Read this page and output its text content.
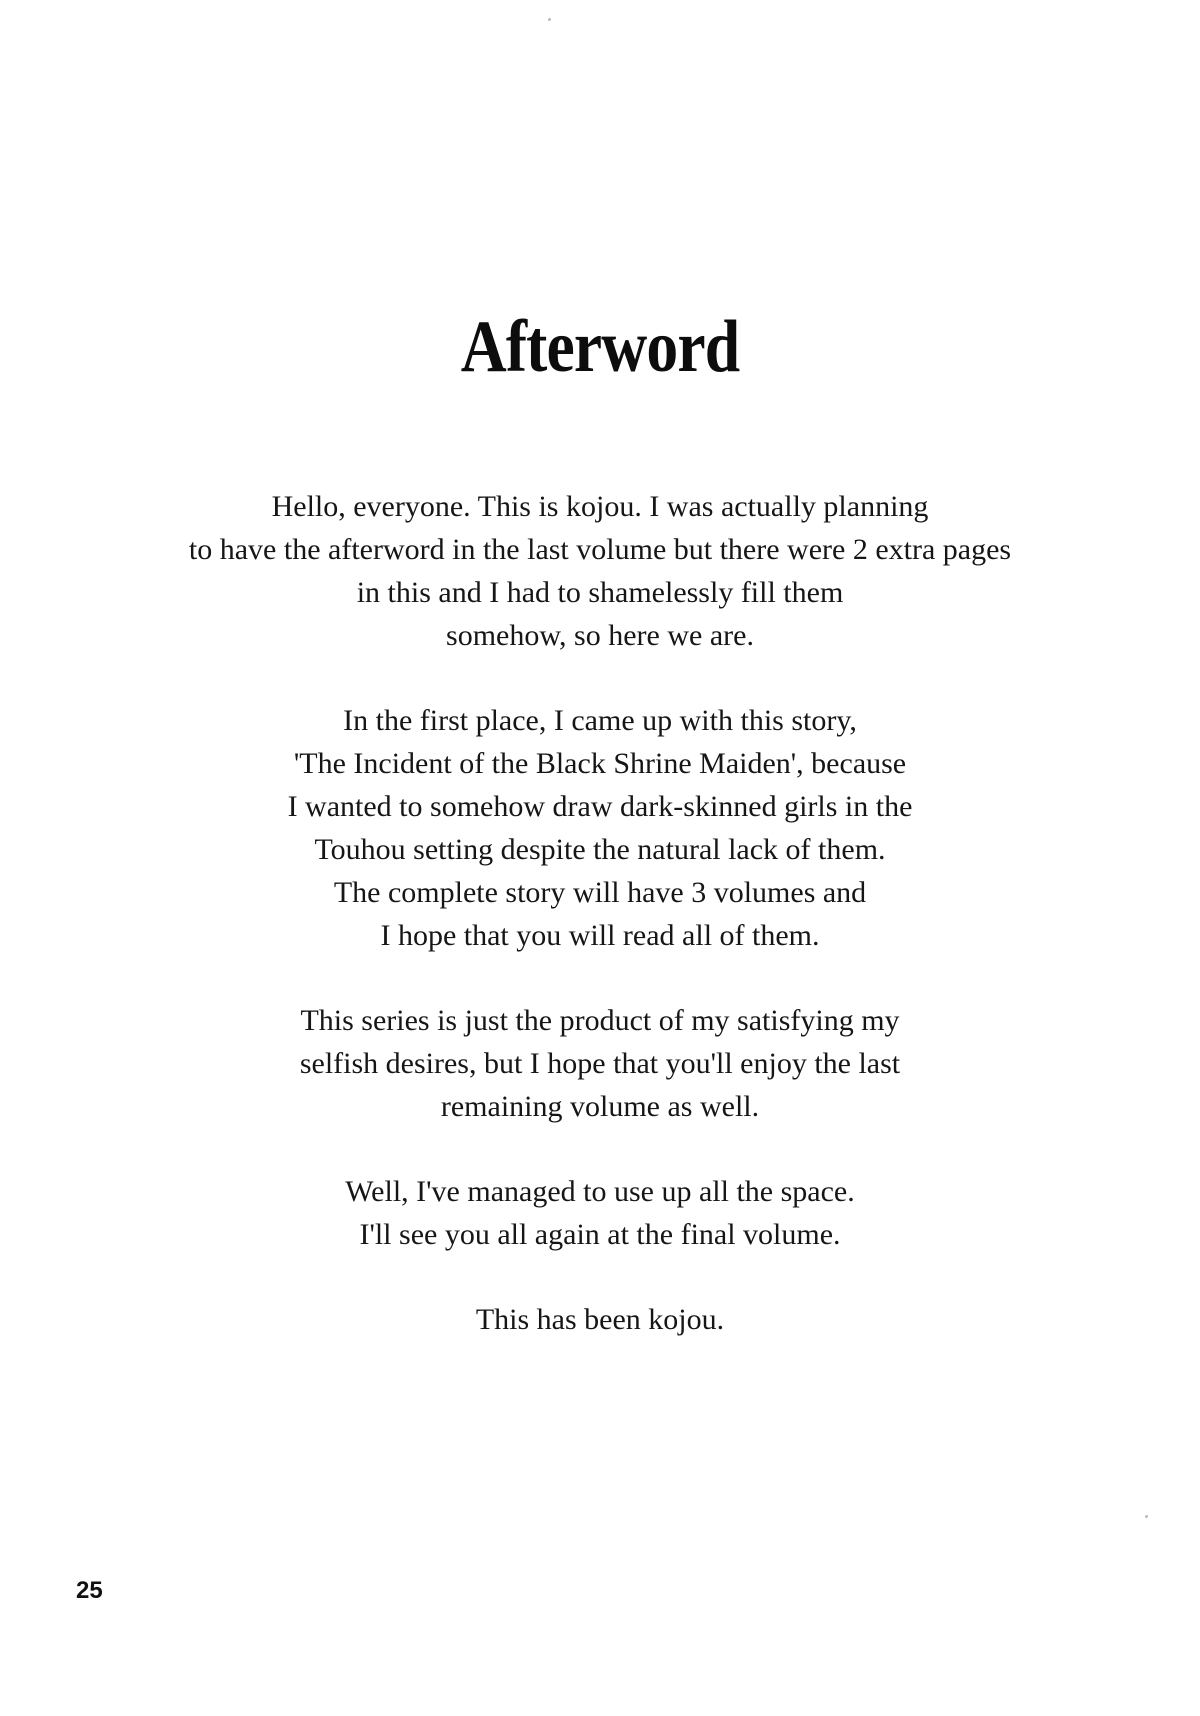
Afterword
Hello, everyone. This is kojou. I was actually planning
to have the afterword in the last volume but there were 2 extra pages
in this and I had to shamelessly fill them
somehow, so here we are.
In the first place, I came up with this story,
'The Incident of the Black Shrine Maiden', because
I wanted to somehow draw dark-skinned girls in the
Touhou setting despite the natural lack of them.
The complete story will have 3 volumes and
I hope that you will read all of them.
This series is just the product of my satisfying my
selfish desires, but I hope that you'll enjoy the last
remaining volume as well.
Well, I've managed to use up all the space.
I'll see you all again at the final volume.
This has been kojou.
25
